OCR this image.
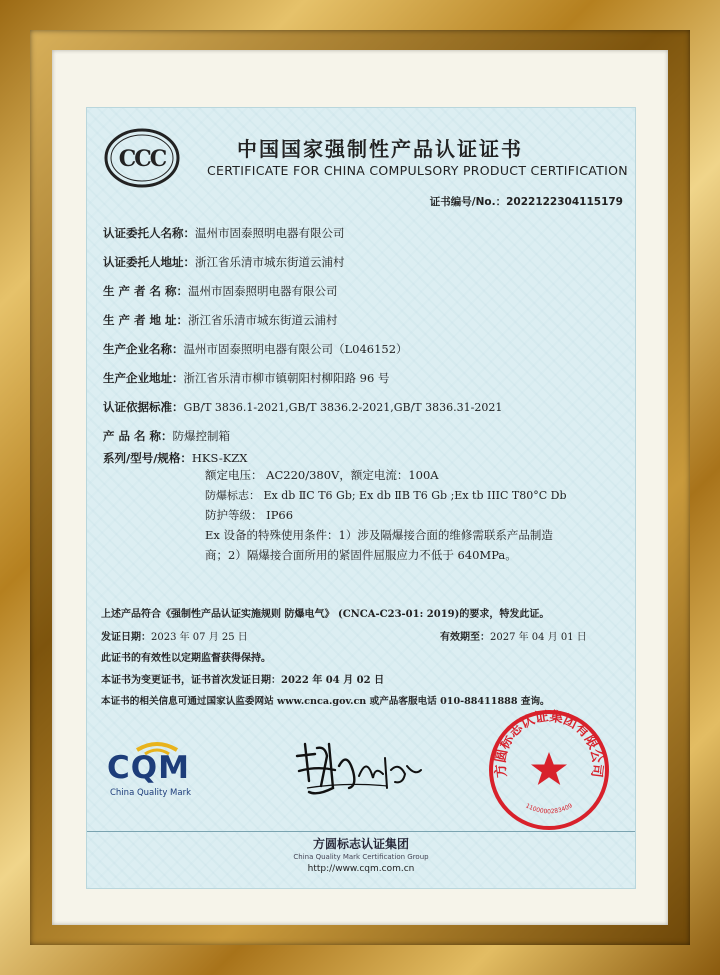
CCC	中国国家强制性产品认证证书
CERTIFICATE FOR CHINA COMPULSORY PRODUCT CERTIFICATION
证书编号/No.：2022122304115179
认证委托人名称：温州市固泰照明电器有限公司
认证委托人地址：浙江省乐清市城东街道云浦村
生 产 者 名 称：温州市固泰照明电器有限公司
生 产 者 地 址：浙江省乐清市城东街道云浦村
生产企业名称：温州市固泰照明电器有限公司（L046152）
生产企业地址：浙江省乐清市柳市镇朝阳村柳阳路 96 号
认证依据标准：GB/T 3836.1-2021,GB/T 3836.2-2021,GB/T 3836.31-2021
产 品 名 称：防爆控制箱
系列/型号/规格：HKS-KZX
额定电压： AC220/380V，额定电流：100A
防爆标志： Ex db ⅡC T6 Gb; Ex db ⅡB T6 Gb ;Ex tb IIIC T80°C Db
防护等级： IP66
Ex 设备的特殊使用条件：1）涉及隔爆接合面的维修需联系产品制造
商；2）隔爆接合面所用的紧固件屈服应力不低于 640MPa。
上述产品符合《强制性产品认证实施规则 防爆电气》 (CNCA-C23-01: 2019)的要求，特发此证。
发证日期：2023 年 07 月 25 日	有效期至：2027 年 04 月 01 日
此证书的有效性以定期监督获得保持。
本证书为变更证书，证书首次发证日期：2022 年 04 月 02 日
本证书的相关信息可通过国家认监委网站 www.cnca.gov.cn 或产品客服电话 010-88411888 查询。
CQM
China Quality Mark
方圆标志认证集团有限公司
1100000283409
方圆标志认证集团
China Quality Mark Certification Group
http://www.cqm.com.cn
